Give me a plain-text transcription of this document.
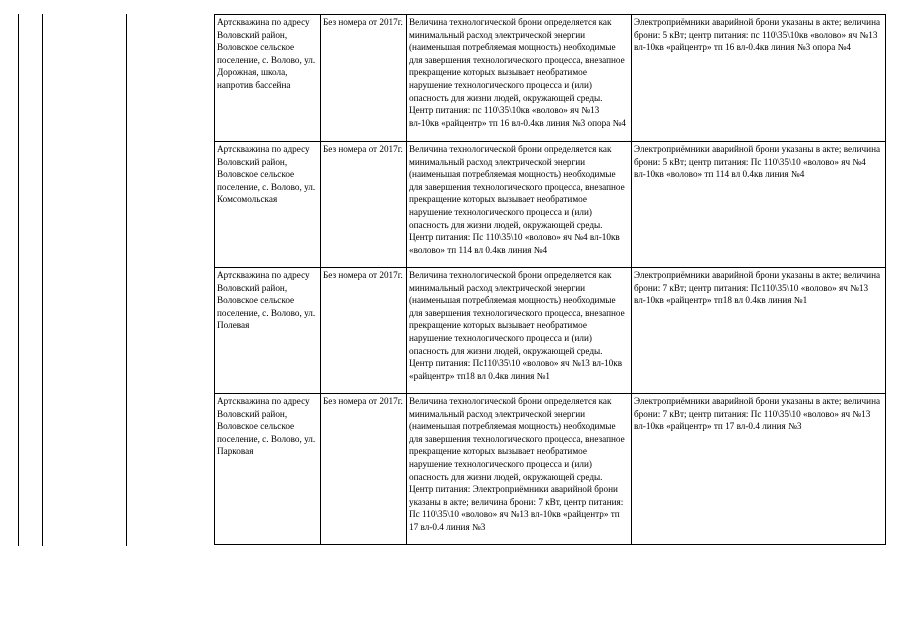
Артскважина по адресу Воловский район, Воловское сельское поселение, с. Волово, ул. Дорожная, школа, напротив бассейна	Без номера от 2017г.	Величина технологической брони определяется как минимальный расход электрической энергии (наименьшая потребляемая мощность) необходимые для завершения технологического процесса, внезапное прекращение которых вызывает необратимое нарушение технологического процесса и (или) опасность для жизни людей, окружающей среды. Центр питания: пс 110\35\10кв «волово» яч №13 вл-10кв «райцентр» тп 16 вл-0.4кв линия №3 опора №4	Электроприёмники аварийной брони указаны в акте; величина брони: 5 кВт; центр питания: пс 110\35\10кв «волово» яч №13 вл-10кв «райцентр» тп 16 вл-0.4кв линия №3 опора №4
Артскважина по адресу Воловский район, Воловское сельское поселение, с. Волово, ул. Комсомольская	Без номера от 2017г.	Величина технологической брони определяется как минимальный расход электрической энергии (наименьшая потребляемая мощность) необходимые для завершения технологического процесса, внезапное прекращение которых вызывает необратимое нарушение технологического процесса и (или) опасность для жизни людей, окружающей среды. Центр питания: Пс 110\35\10 «волово» яч №4 вл-10кв «волово» тп 114 вл 0.4кв линия №4	Электроприёмники аварийной брони указаны в акте; величина брони: 5 кВт; центр питания: Пс 110\35\10 «волово» яч №4 вл-10кв «волово» тп 114 вл 0.4кв линия №4
Артскважина по адресу Воловский район, Воловское сельское поселение, с. Волово, ул. Полевая	Без номера от 2017г.	Величина технологической брони определяется как минимальный расход электрической энергии (наименьшая потребляемая мощность) необходимые для завершения технологического процесса, внезапное прекращение которых вызывает необратимое нарушение технологического процесса и (или) опасность для жизни людей, окружающей среды. Центр питания: Пс110\35\10 «волово» яч №13 вл-10кв «райцентр» тп18 вл 0.4кв линия №1	Электроприёмники аварийной брони указаны в акте; величина брони: 7 кВт; центр питания: Пс110\35\10 «волово» яч №13 вл-10кв «райцентр» тп18 вл 0.4кв линия №1
Артскважина по адресу Воловский район, Воловское сельское поселение, с. Волово, ул. Парковая	Без номера от 2017г.	Величина технологической брони определяется как минимальный расход электрической энергии (наименьшая потребляемая мощность) необходимые для завершения технологического процесса, внезапное прекращение которых вызывает необратимое нарушение технологического процесса и (или) опасность для жизни людей, окружающей среды. Центр питания: Электроприёмники аварийной брони указаны в акте; величина брони: 7 кВт, центр питания: Пс 110\35\10 «волово» яч №13 вл-10кв «райцентр» тп 17 вл-0.4 линия №3	Электроприёмники аварийной брони указаны в акте; величина брони: 7 кВт; центр питания: Пс 110\35\10 «волово» яч №13 вл-10кв «райцентр» тп 17 вл-0.4 линия №3
